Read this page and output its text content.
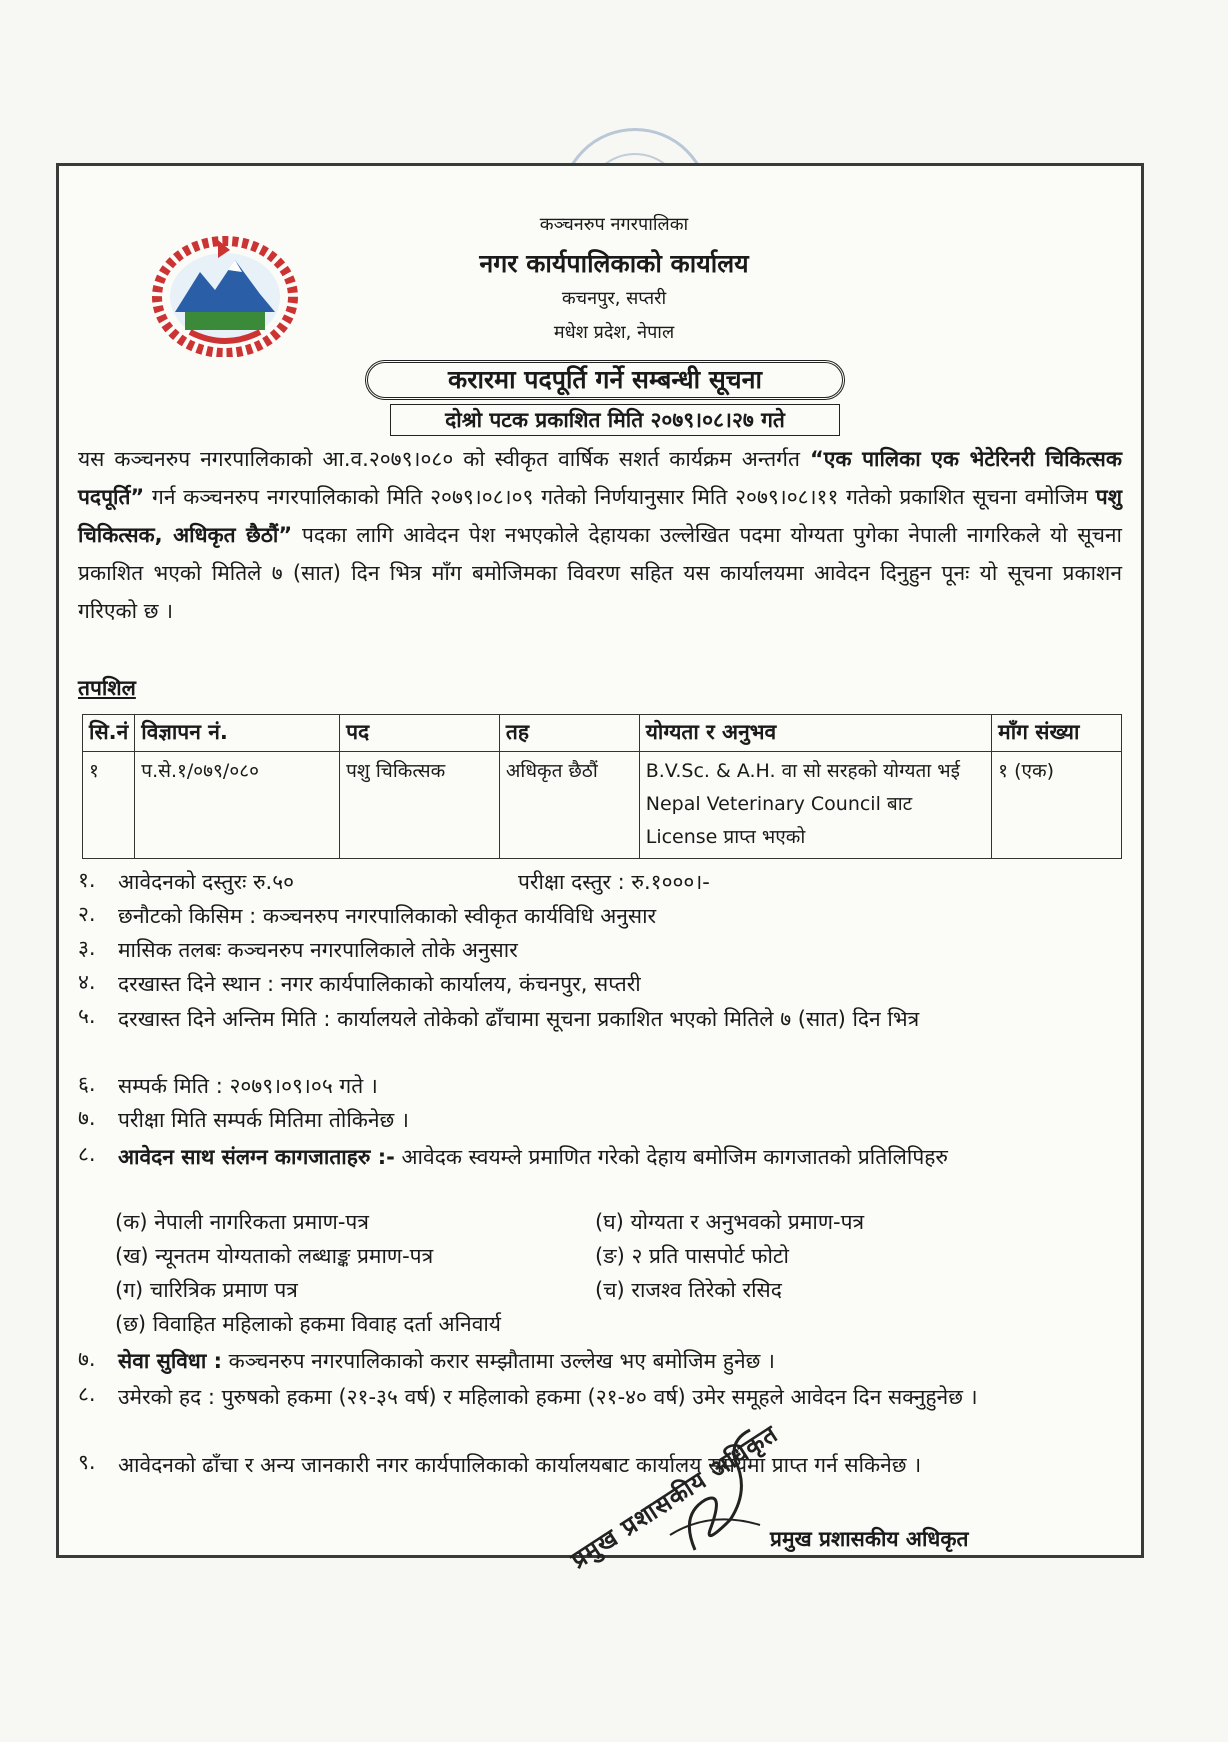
कञ्चनरुप नगरपालिका
नगर कार्यपालिकाको कार्यालय
कचनपुर, सप्तरी
मधेश प्रदेश, नेपाल
करारमा पदपूर्ति गर्ने सम्बन्धी सूचना
दोश्रो पटक प्रकाशित मिति २०७९।०८।२७ गते

यस कञ्चनरुप नगरपालिकाको आ.व.२०७९।०८० को स्वीकृत वार्षिक सशर्त कार्यक्रम अन्तर्गत “एक पालिका एक भेटेरिनरी चिकित्सक पदपूर्ति” गर्न कञ्चनरुप नगरपालिकाको मिति २०७९।०८।०९ गतेको निर्णयानुसार मिति २०७९।०८।११ गतेको प्रकाशित सूचना वमोजिम पशु चिकित्सक, अधिकृत छैठौं” पदका लागि आवेदन पेश नभएकोले देहायका उल्लेखित पदमा योग्यता पुगेका नेपाली नागरिकले यो सूचना प्रकाशित भएको मितिले ७ (सात) दिन भित्र माँग बमोजिमका विवरण सहित यस कार्यालयमा आवेदन दिनुहुन पूनः यो सूचना प्रकाशन गरिएको छ ।

तपशिल
सि.नं	विज्ञापन नं.	पद	तह	योग्यता र अनुभव	माँग संख्या
१	प.से.१/०७९/०८०	पशु चिकित्सक	अधिकृत छैठौं	B.V.Sc. & A.H. वा सो सरहको योग्यता भई Nepal Veterinary Council बाट License प्राप्त भएको	१ (एक)
१. आवेदनको दस्तुरः रु.५०	परीक्षा दस्तुर : रु.१०००।-
२. छनौटको किसिम : कञ्चनरुप नगरपालिकाको स्वीकृत कार्यविधि अनुसार
३. मासिक तलबः कञ्चनरुप नगरपालिकाले तोके अनुसार
४. दरखास्त दिने स्थान : नगर कार्यपालिकाको कार्यालय, कंचनपुर, सप्तरी
५. दरखास्त दिने अन्तिम मिति : कार्यालयले तोकेको ढाँचामा सूचना प्रकाशित भएको मितिले ७ (सात) दिन भित्र
६. सम्पर्क मिति : २०७९।०९।०५ गते ।
७. परीक्षा मिति सम्पर्क मितिमा तोकिनेछ ।
८. आवेदन साथ संलग्न कागजाताहरु :- आवेदक स्वयम्ले प्रमाणित गरेको देहाय बमोजिम कागजातको प्रतिलिपिहरु
(क) नेपाली नागरिकता प्रमाण-पत्र
(ख) न्यूनतम योग्यताको लब्धाङ्क प्रमाण-पत्र
(ग) चारित्रिक प्रमाण पत्र
(घ) योग्यता र अनुभवको प्रमाण-पत्र
(ङ) २ प्रति पासपोर्ट फोटो
(च) राजश्व तिरेको रसिद
(छ) विवाहित महिलाको हकमा विवाह दर्ता अनिवार्य
७. सेवा सुविधा : कञ्चनरुप नगरपालिकाको करार सम्झौतामा उल्लेख भए बमोजिम हुनेछ ।
८. उमेरको हद : पुरुषको हकमा (२१-३५ वर्ष) र महिलाको हकमा (२१-४० वर्ष) उमेर समूहले आवेदन दिन सक्नुहुनेछ ।
९. आवेदनको ढाँचा र अन्य जानकारी नगर कार्यपालिकाको कार्यालयबाट कार्यालय समयमा प्राप्त गर्न सकिनेछ ।
प्रमुख प्रशासकीय अधिकृत
प्रमुख प्रशासकीय अधिकृत
